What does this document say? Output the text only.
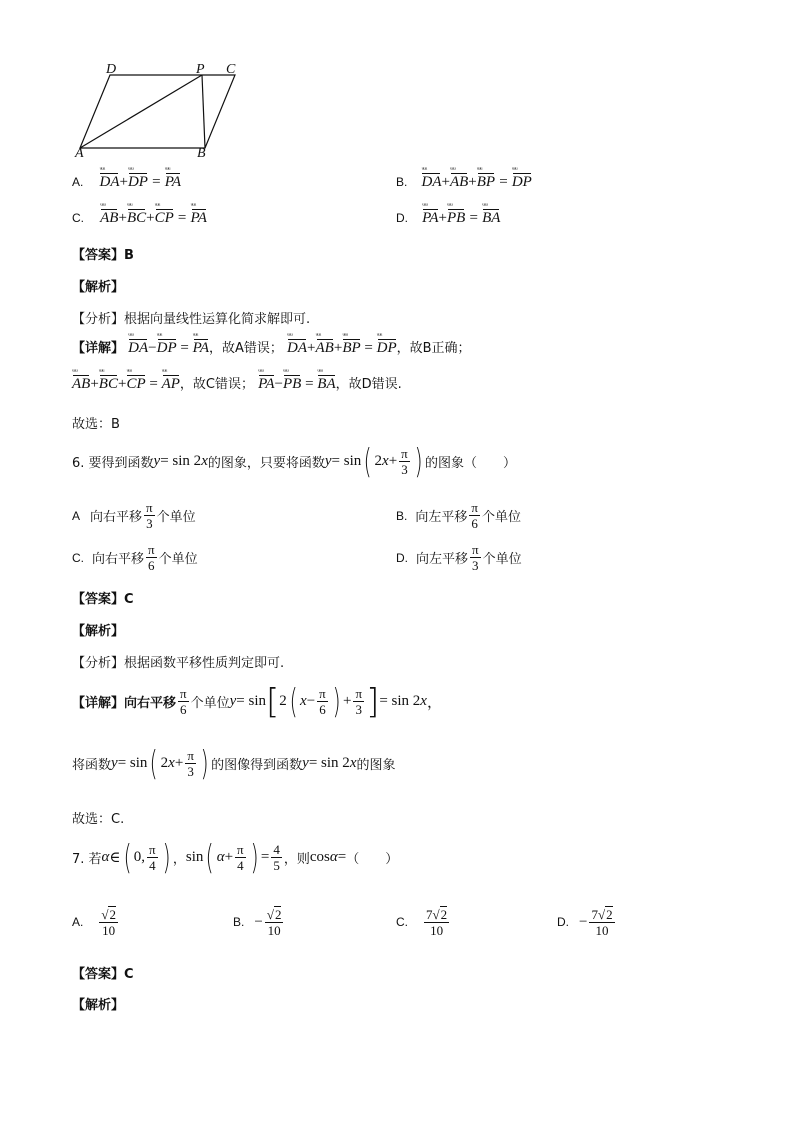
D	P C
A	B
A. DA ᵤᵤᵤ+DP ᵤᵤᵤ = PA ᵤᵤᵤ	B. DA ᵤᵤᵤ+AB ᵤᵤᵤ+BP ᵤᵤᵤ = DP ᵤᵤᵤ
C. AB ᵤᵤᵤ+BC ᵤᵤᵤ+CP ᵤᵤᵤ = PA ᵤᵤᵤ	D. PA ᵤᵤᵤ+PB ᵤᵤᵤ = BA ᵤᵤᵤ
【答案】B
【解析】
【分析】根据向量线性运算化简求解即可.
【详解】 DA ᵤᵤᵤ−DP ᵤᵤᵤ = PA ᵤᵤᵤ，故A错误； DA ᵤᵤᵤ+AB ᵤᵤᵤ+BP ᵤᵤᵤ = DP ᵤᵤᵤ，故B正确；
AB ᵤᵤᵤ+BC ᵤᵤᵤ+CP ᵤᵤᵤ = AP ᵤᵤᵤ，故C错误； PA ᵤᵤᵤ−PB ᵤᵤᵤ = BA ᵤᵤᵤ，故D错误.
故选：B
6. 要得到函数 y = sin 2 x 的图象，只要将函数 y = sin ( 2 $x + \frac{\pi}{3}$ ) 的图象（　　）
A 向右平移 $\frac{\pi}{3}$ 个单位	B. 向左平移 $\frac{\pi}{6}$ 个单位
C. 向右平移 $\frac{\pi}{6}$ 个单位	D. 向左平移 $\frac{\pi}{3}$ 个单位
【答案】C
【解析】
【分析】根据函数平移性质判定即可.
【详解】向右平移 $\frac{\pi}{6}$ 个单位 y = sin [ 2 ( $x - \frac{\pi}{6}$ ) + $\frac{\pi}{3}$ ] = sin 2 x ，
将函数 y = sin ( 2 $x + \frac{\pi}{3}$ ) 的图像得到函数 y = sin 2 x 的图象
故选：C.
7. 若 α ∈ ( 0, $\frac{\pi}{4}$ ) ， sin ( $\alpha + \frac{\pi}{4}$ ) = $\frac{4}{5}$ ，则 cos α = （　　）
A. $\frac{√2}{10}$	B. − $\frac{√2}{10}$	C. $\frac{7√2}{10}$	D. − $\frac{7√2}{10}$
【答案】C
【解析】
